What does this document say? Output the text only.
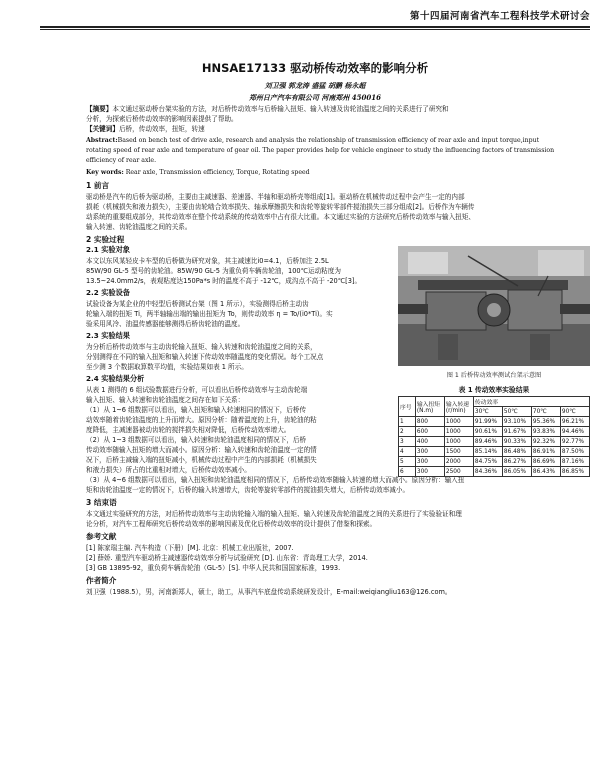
第十四届河南省汽车工程科技学术研讨会
HNSAE17133 驱动桥传动效率的影响分析
刘卫强 郭龙涛 盛猛 胡鹏 杨永超
郑州日产汽车有限公司 河南郑州 450016
【摘要】本文通过驱动桥台架实验的方法，对后桥传动效率与后桥输入扭矩、输入转速及齿轮油温度之间的关系进行了研究和
分析，为探索后桥传动效率的影响因素提供了帮助。
【关键词】后桥，传动效率，扭矩，转速
Abstract:Based on bench test of drive axle, research and analysis the relationship of transmission efficiency of rear axle and input torque,input
rotating speed of rear axle and temperature of gear oil. The paper provides help for vehicle engineer to study the influencing factors of transmission
efficiency of rear axle.
Key words: Rear axle, Transmission efficiency, Torque, Rotating speed
1 前言
驱动桥是汽车的后桥为驱动桥，主要由主减速器、差速器、半轴和驱动桥壳等组成[1]。驱动桥在机械传动过程中会产生一定的内部
损耗（机械损失和液力损失），主要由齿轮啮合效率损失、轴承摩擦损失和齿轮等旋转零部件搅油损失三部分组成[2]。后桥作为车辆传
动系统的重要组成部分，其传动效率在整个传动系统的传动效率中占有很大比重。本文通过实验的方法研究后桥传动效率与输入扭矩、
输入转速、齿轮油温度之间的关系。
2 实验过程
2.1 实验对象
本文以东风某轻皮卡车型的后桥做为研究对象，其主减速比i0=4.1，后桥加注 2.5L
85W/90 GL-5 型号的齿轮油。85W/90 GL-5 为重负荷车辆齿轮油，100℃运动粘度为
13.5~24.0mm2/s，表观粘度达150Pa*s 时的温度不高于 -12℃，成沟点不高于 -20℃[3]。
2.2 实验设备
试验设备为某企业的中轻型后桥测试台架（图 1 所示），实验测得后桥主动齿
轮输入端的扭矩 Ti，两半轴输出端的输出扭矩为 To，则传动效率 η = To/(i0*Ti)。实
验采用风冷、油温传感器能够测得后桥齿轮油的温度。
2.3 实验结果
为分析后桥传动效率与主动齿轮输入扭矩、输入转速和齿轮油温度之间的关系，
分别测得在不同的输入扭矩和输入转速下传动效率随温度的变化情况。每个工况点
至少测 3 个数据取算数平均值，实验结果如表 1 所示。
2.4 实验结果分析
从表 1 测得的 6 组试验数据进行分析，可以看出后桥传动效率与主动齿轮端
输入扭矩、输入转速和齿轮油温度之间存在如下关系：
（1）从 1~6 组数据可以看出，输入扭矩和输入转速相同的情况下，后桥传
动效率随着齿轮油温度的上升而增大。原因分析：随着温度的上升，齿轮油的粘
度降低，主减速器被动齿轮的搅拌损失相对降低，后桥传动效率增大。
（2）从 1~3 组数据可以看出，输入转速和齿轮油温度相同的情况下，后桥
传动效率随输入扭矩的增大而减小。原因分析：输入转速和齿轮油温度一定的情
况下，后桥主减输入端的扭矩减小，机械传动过程中产生的内部损耗（机械损失
和液力损失）所占的比重相对增大，后桥传动效率减小。
（3）从 4~6 组数据可以看出，输入扭矩和齿轮油温度相同的情况下，后桥传动效率随输入转速的增大而减小。原因分析：输入扭
矩和齿轮油温度一定的情况下，后桥的输入转速增大，齿轮等旋转零部件的搅油损失增大，后桥传动效率减小。
3 结束语
本文通过实验研究的方法，对后桥传动效率与主动齿轮输入端的输入扭矩、输入转速及齿轮油温度之间的关系进行了实验验证和理
论分析，对汽车工程师研究后桥传动效率的影响因素及优化后桥传动效率的设计提供了借鉴和探索。
参考文献
[1] 陈家瑞主编. 汽车构造（下册）[M]. 北京：机械工业出版社，2007.
[2] 薛娇. 重型汽车驱动桥主减速器传动效率分析与试验研究 [D]. 山东省：青岛理工大学，2014.
[3] GB 13895-92，重负荷车辆齿轮油（GL-5）[S]. 中华人民共和国国家标准，1993.
作者简介
刘卫强（1988.5），男，河南新郑人，硕士，助工，从事汽车底盘传动系统研发设计，E-mail:weiqiangliu163@126.com。
图 1 后桥传动效率测试台架示意图
表 1 传动效率实验结果
序号	输入扭矩 (N.m)	输入转速 (r/min)	传动效率			
			30℃	50℃	70℃	90℃
1	800	1000	91.99%	93.10%	95.36%	96.21%
2	600	1000	90.61%	91.67%	93.83%	94.46%
3	400	1000	89.46%	90.33%	92.32%	92.77%
4	300	1500	85.14%	86.48%	86.91%	87.50%
5	300	2000	84.75%	86.27%	86.69%	87.16%
6	300	2500	84.36%	86.05%	86.43%	86.85%
